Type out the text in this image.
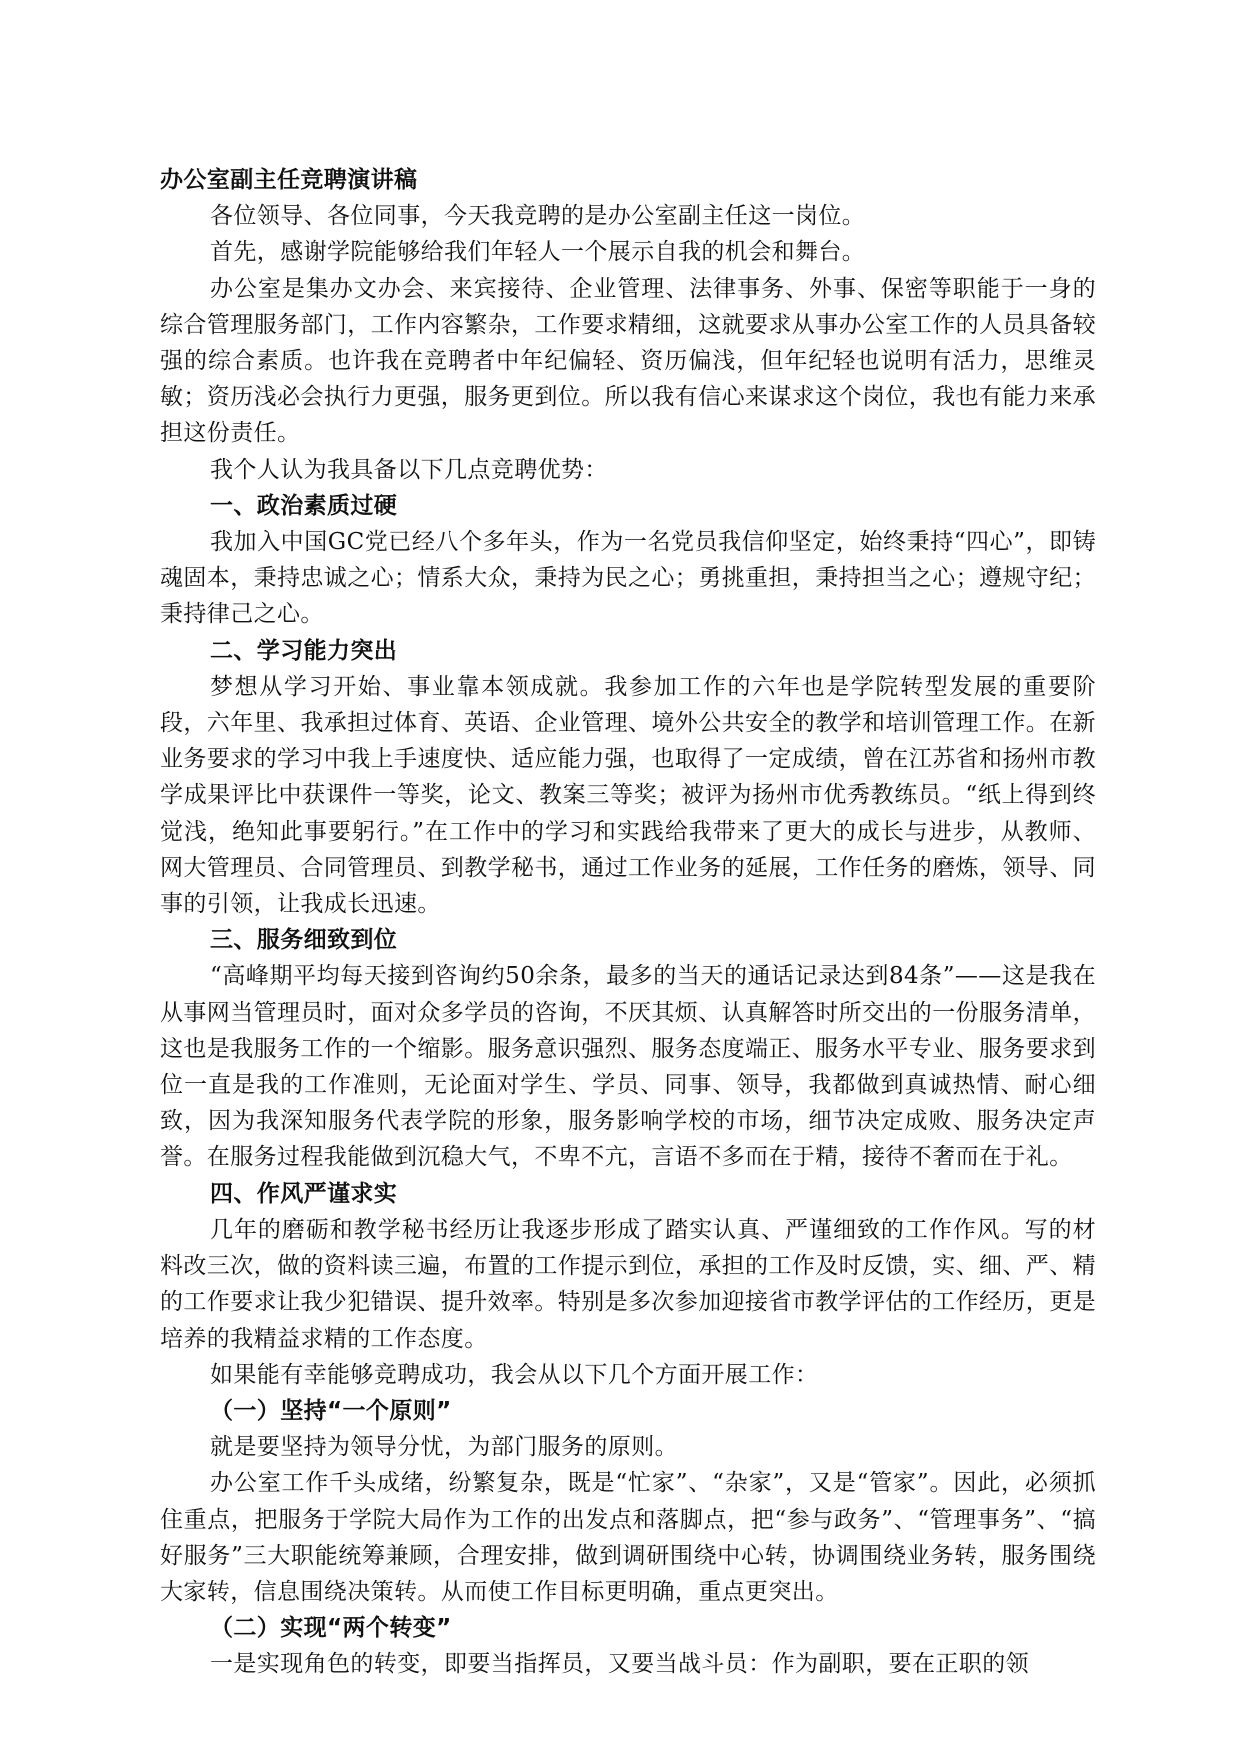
办公室副主任竞聘演讲稿
各位领导、各位同事，今天我竞聘的是办公室副主任这一岗位。
首先，感谢学院能够给我们年轻人一个展示自我的机会和舞台。
办公室是集办文办会、来宾接待、企业管理、法律事务、外事、保密等职能于一身的综合管理服务部门，工作内容繁杂，工作要求精细，这就要求从事办公室工作的人员具备较强的综合素质。也许我在竞聘者中年纪偏轻、资历偏浅，但年纪轻也说明有活力，思维灵敏；资历浅必会执行力更强，服务更到位。所以我有信心来谋求这个岗位，我也有能力来承担这份责任。
我个人认为我具备以下几点竞聘优势：
一、政治素质过硬
我加入中国GC党已经八个多年头，作为一名党员我信仰坚定，始终秉持“四心”，即铸魂固本，秉持忠诚之心；情系大众，秉持为民之心；勇挑重担，秉持担当之心；遵规守纪；秉持律己之心。
二、学习能力突出
梦想从学习开始、事业靠本领成就。我参加工作的六年也是学院转型发展的重要阶段，六年里、我承担过体育、英语、企业管理、境外公共安全的教学和培训管理工作。在新业务要求的学习中我上手速度快、适应能力强，也取得了一定成绩，曾在江苏省和扬州市教学成果评比中获课件一等奖，论文、教案三等奖；被评为扬州市优秀教练员。“纸上得到终觉浅，绝知此事要躬行。”在工作中的学习和实践给我带来了更大的成长与进步，从教师、网大管理员、合同管理员、到教学秘书，通过工作业务的延展，工作任务的磨炼，领导、同事的引领，让我成长迅速。
三、服务细致到位
“高峰期平均每天接到咨询约50余条，最多的当天的通话记录达到84条”——这是我在从事网当管理员时，面对众多学员的咨询，不厌其烦、认真解答时所交出的一份服务清单，这也是我服务工作的一个缩影。服务意识强烈、服务态度端正、服务水平专业、服务要求到位一直是我的工作准则，无论面对学生、学员、同事、领导，我都做到真诚热情、耐心细致，因为我深知服务代表学院的形象，服务影响学校的市场，细节决定成败、服务决定声誉。在服务过程我能做到沉稳大气，不卑不亢，言语不多而在于精，接待不奢而在于礼。
四、作风严谨求实
几年的磨砺和教学秘书经历让我逐步形成了踏实认真、严谨细致的工作作风。写的材料改三次，做的资料读三遍，布置的工作提示到位，承担的工作及时反馈，实、细、严、精的工作要求让我少犯错误、提升效率。特别是多次参加迎接省市教学评估的工作经历，更是培养的我精益求精的工作态度。
如果能有幸能够竞聘成功，我会从以下几个方面开展工作：
（一）坚持“一个原则”
就是要坚持为领导分忧，为部门服务的原则。
办公室工作千头成绪，纷繁复杂，既是“忙家”、“杂家”，又是“管家”。因此，必须抓住重点，把服务于学院大局作为工作的出发点和落脚点，把“参与政务”、“管理事务”、“搞好服务”三大职能统筹兼顾，合理安排，做到调研围绕中心转，协调围绕业务转，服务围绕大家转，信息围绕决策转。从而使工作目标更明确，重点更突出。
（二）实现“两个转变”
一是实现角色的转变，即要当指挥员，又要当战斗员：作为副职，要在正职的领
